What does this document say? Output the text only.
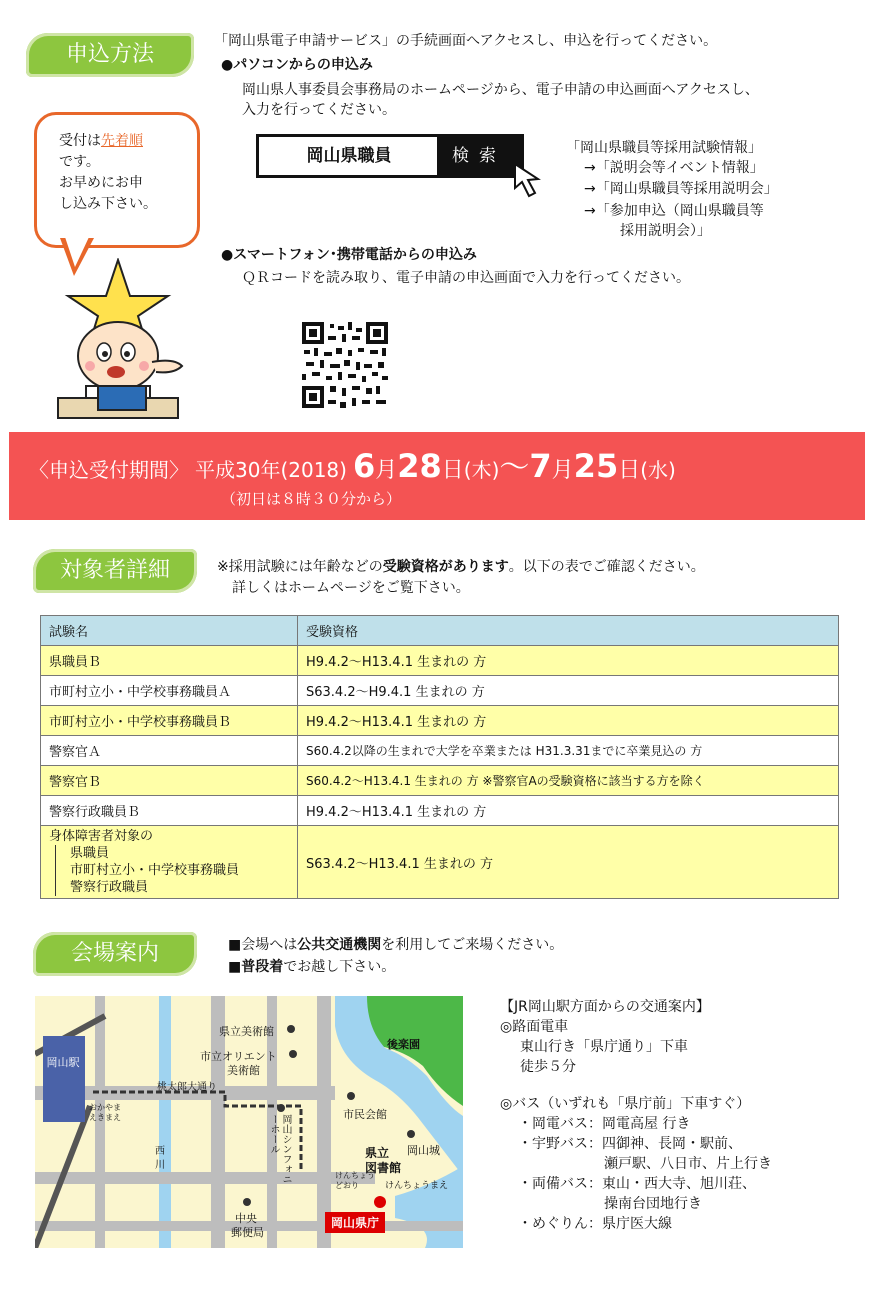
申込方法
「岡山県電子申請サービス」の手続画面へアクセスし、申込を行ってください。
●パソコンからの申込み
岡山県人事委員会事務局のホームページから、電子申請の申込画面へアクセスし、
入力を行ってください。
岡山県職員	検索	「岡山県職員等採用試験情報」
→「説明会等イベント情報」
→「岡山県職員等採用説明会」
→「参加申込（岡山県職員等
採用説明会）」
●スマートフォン･携帯電話からの申込み
ＱＲコードを読み取り、電子申請の申込画面で入力を行ってください。
受付は先着順
です。
お早めにお申
し込み下さい。
〈申込受付期間〉 平成30年(2018) 6月28日(木)～7月25日(水)
（初日は８時３０分から）
対象者詳細	※採用試験には年齢などの受験資格があります。以下の表でご確認ください。
詳しくはホームページをご覧下さい。
試験名	受験資格
県職員Ｂ	H9.4.2～H13.4.1 生まれの 方
市町村立小・中学校事務職員Ａ	S63.4.2～H9.4.1 生まれの 方
市町村立小・中学校事務職員Ｂ	H9.4.2～H13.4.1 生まれの 方
警察官Ａ	S60.4.2以降の生まれで大学を卒業または H31.3.31までに卒業見込の 方
警察官Ｂ	S60.4.2～H13.4.1 生まれの 方 ※警察官Aの受験資格に該当する方を除く
警察行政職員Ｂ	H9.4.2～H13.4.1 生まれの 方

身体障害者対象の
県職員
市町村立小・中学校事務職員
警察行政職員	S63.4.2～H13.4.1 生まれの 方
会場案内	■会場へは公共交通機関を利用してご来場ください。
■普段着でお越し下さい。
岡山駅
県立美術館
市立オリエント
美術館
桃太郎大通り
おかやま
えきまえ
西
川	岡山シンフォニーホール	市民会館
県立
図書館
岡山城
後楽園
けんちょう
どおり	けんちょうまえ
中央
郵便局
岡山県庁
【JR岡山駅方面からの交通案内】
◎路面電車
東山行き「県庁通り」下車
徒歩５分
◎バス（いずれも「県庁前」下車すぐ）
・岡電バス：岡電高屋 行き
・宇野バス：四御神、長岡・駅前、
瀬戸駅、八日市、片上行き
・両備バス：東山・西大寺、旭川荘、
操南台団地行き
・めぐりん：県庁医大線
